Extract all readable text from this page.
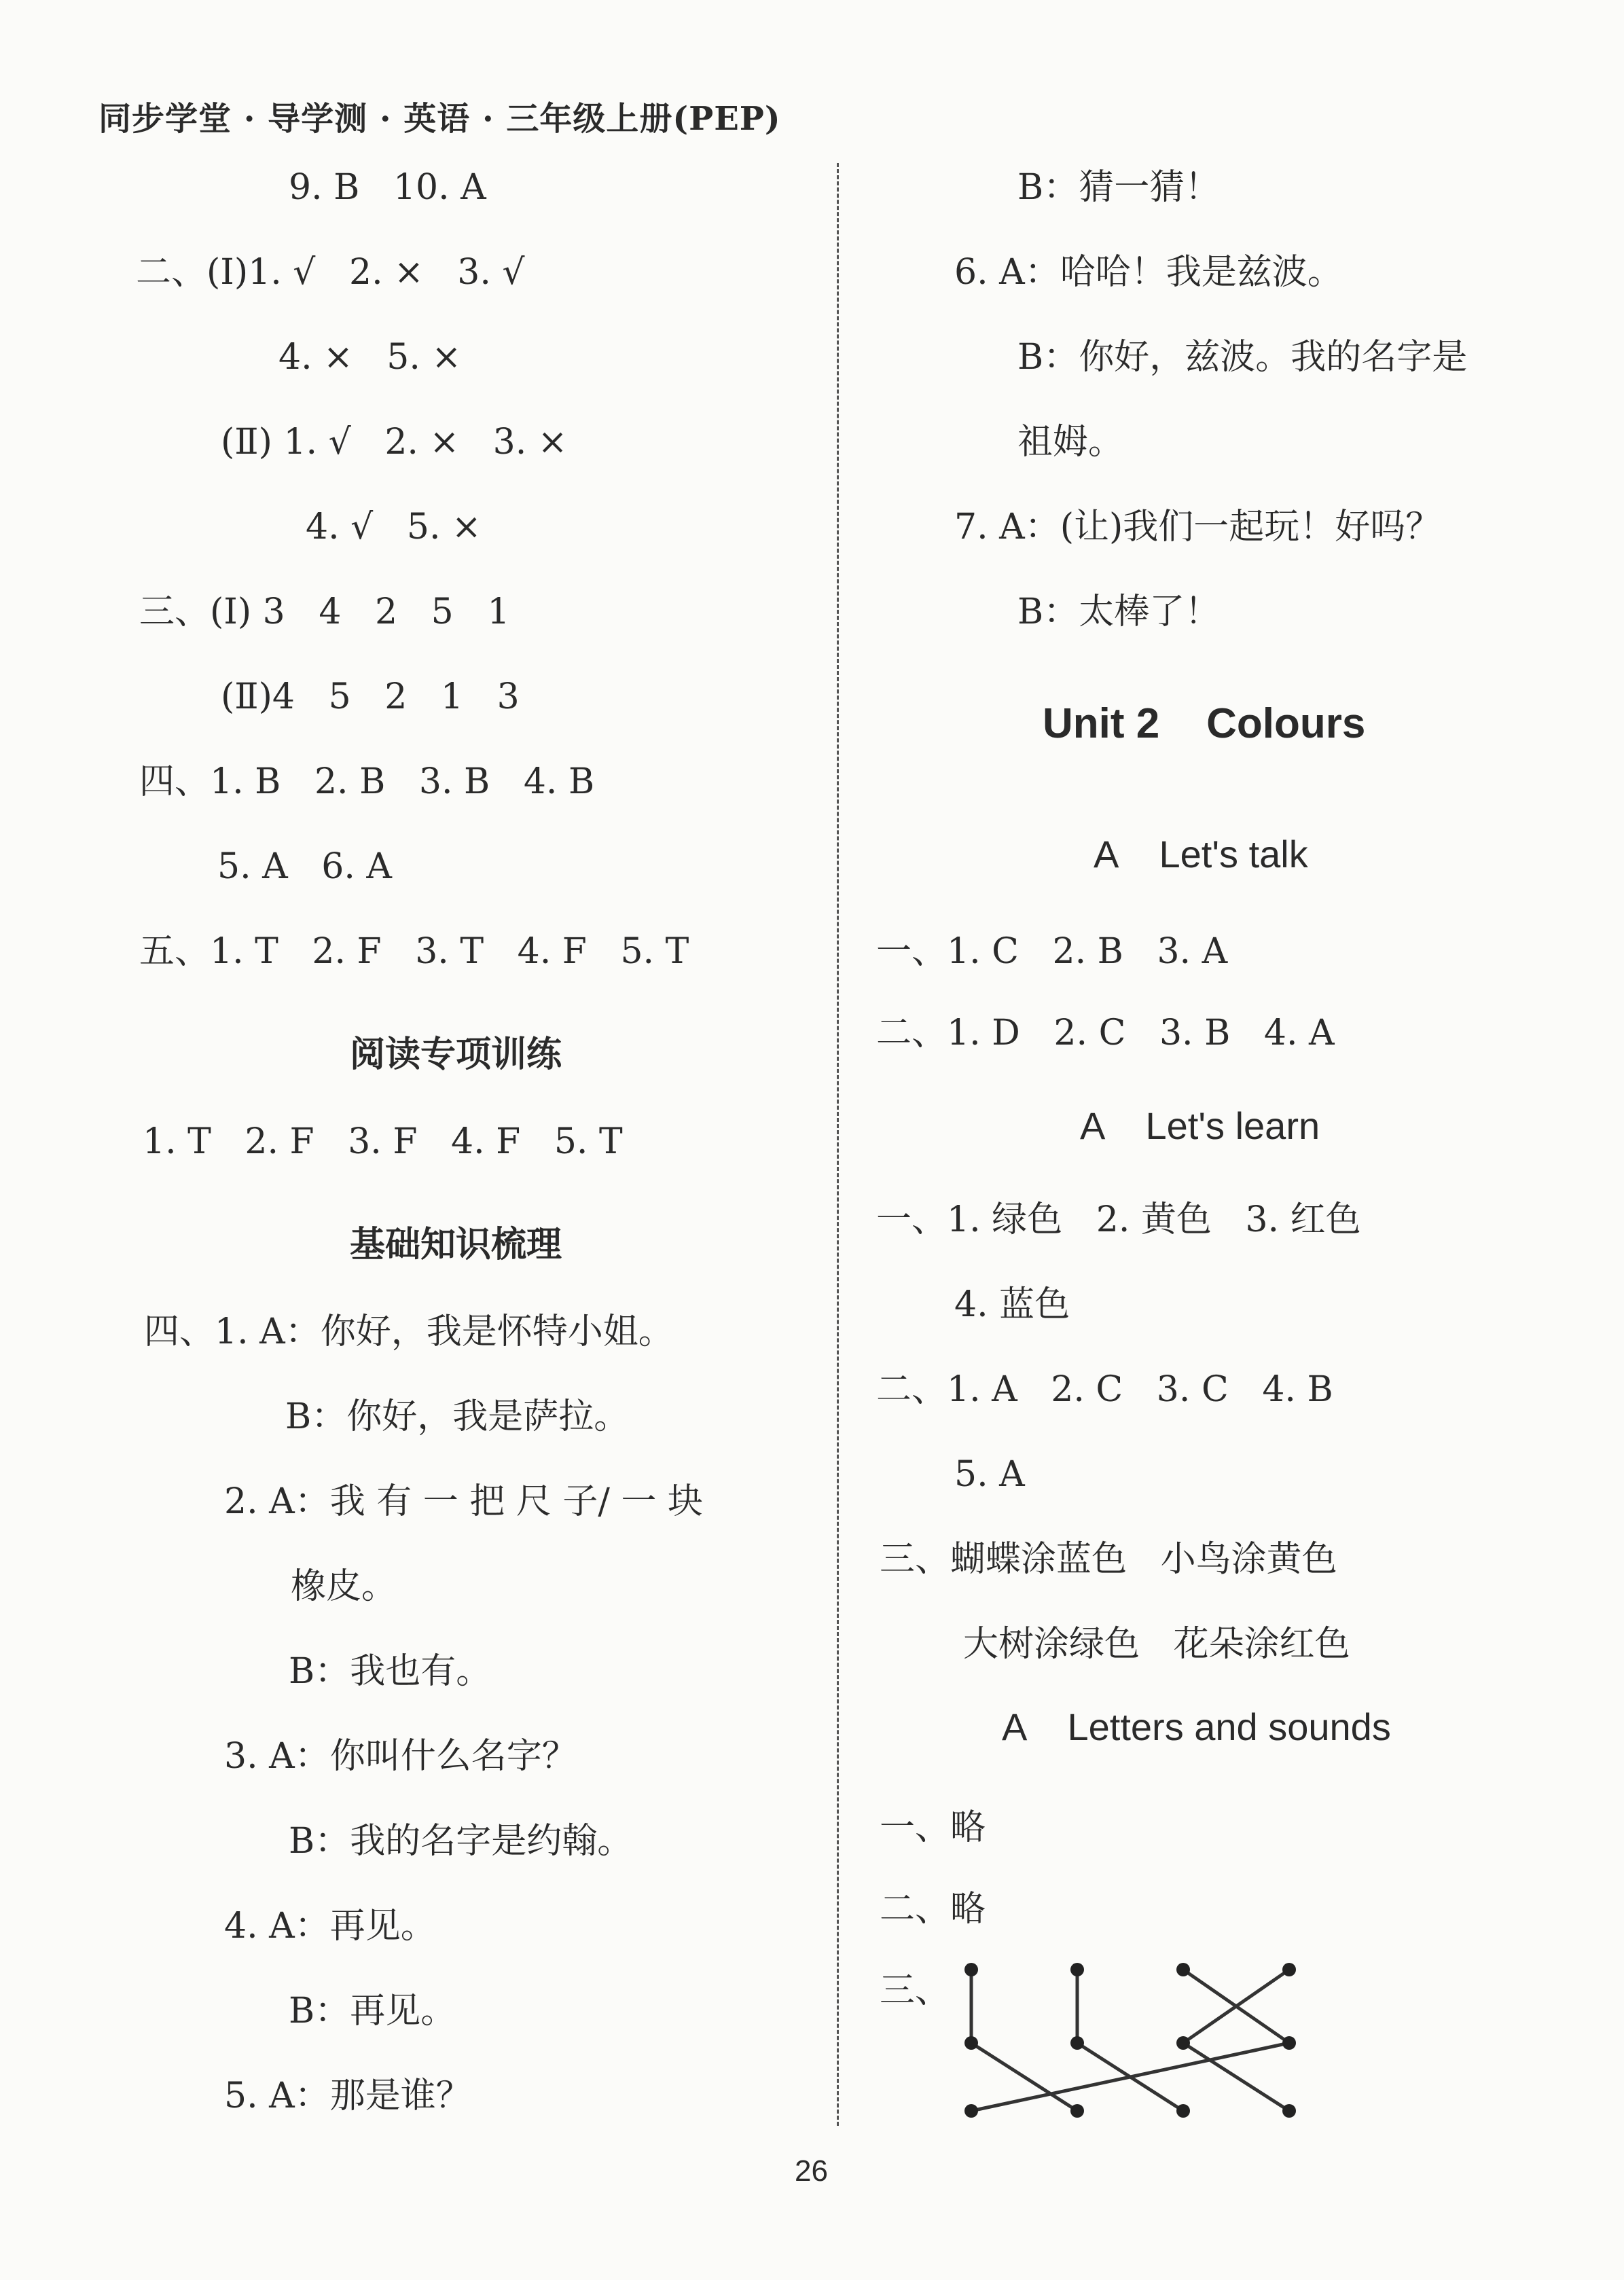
同步学堂 · 导学测 · 英语 · 三年级上册(PEP)
9. B   10. A
二、(Ⅰ)1. √   2. ×   3. √
4. ×   5. ×
(Ⅱ) 1. √   2. ×   3. ×
4. √   5. ×
三、(Ⅰ) 3   4   2   5   1
(Ⅱ)4   5   2   1   3
四、1. B   2. B   3. B   4. B
5. A   6. A
五、1. T   2. F   3. T   4. F   5. T
阅读专项训练
1. T   2. F   3. F   4. F   5. T
基础知识梳理
四、1. A：你好，我是怀特小姐。
B：你好，我是萨拉。
2. A：我 有 一 把 尺 子/ 一 块
橡皮。
B：我也有。
3. A：你叫什么名字？
B：我的名字是约翰。
4. A：再见。
B：再见。
5. A：那是谁？
B：猜一猜！
6. A：哈哈！我是兹波。
B：你好，兹波。我的名字是
祖姆。
7. A：(让)我们一起玩！好吗？
B：太棒了！
Unit 2    Colours
A    Let's talk
一、1. C   2. B   3. A
二、1. D   2. C   3. B   4. A
A    Let's learn
一、1. 绿色   2. 黄色   3. 红色
4. 蓝色
二、1. A   2. C   3. C   4. B
5. A
三、蝴蝶涂蓝色   小鸟涂黄色
大树涂绿色   花朵涂红色
A    Letters and sounds
一、略
二、略
三、
26
